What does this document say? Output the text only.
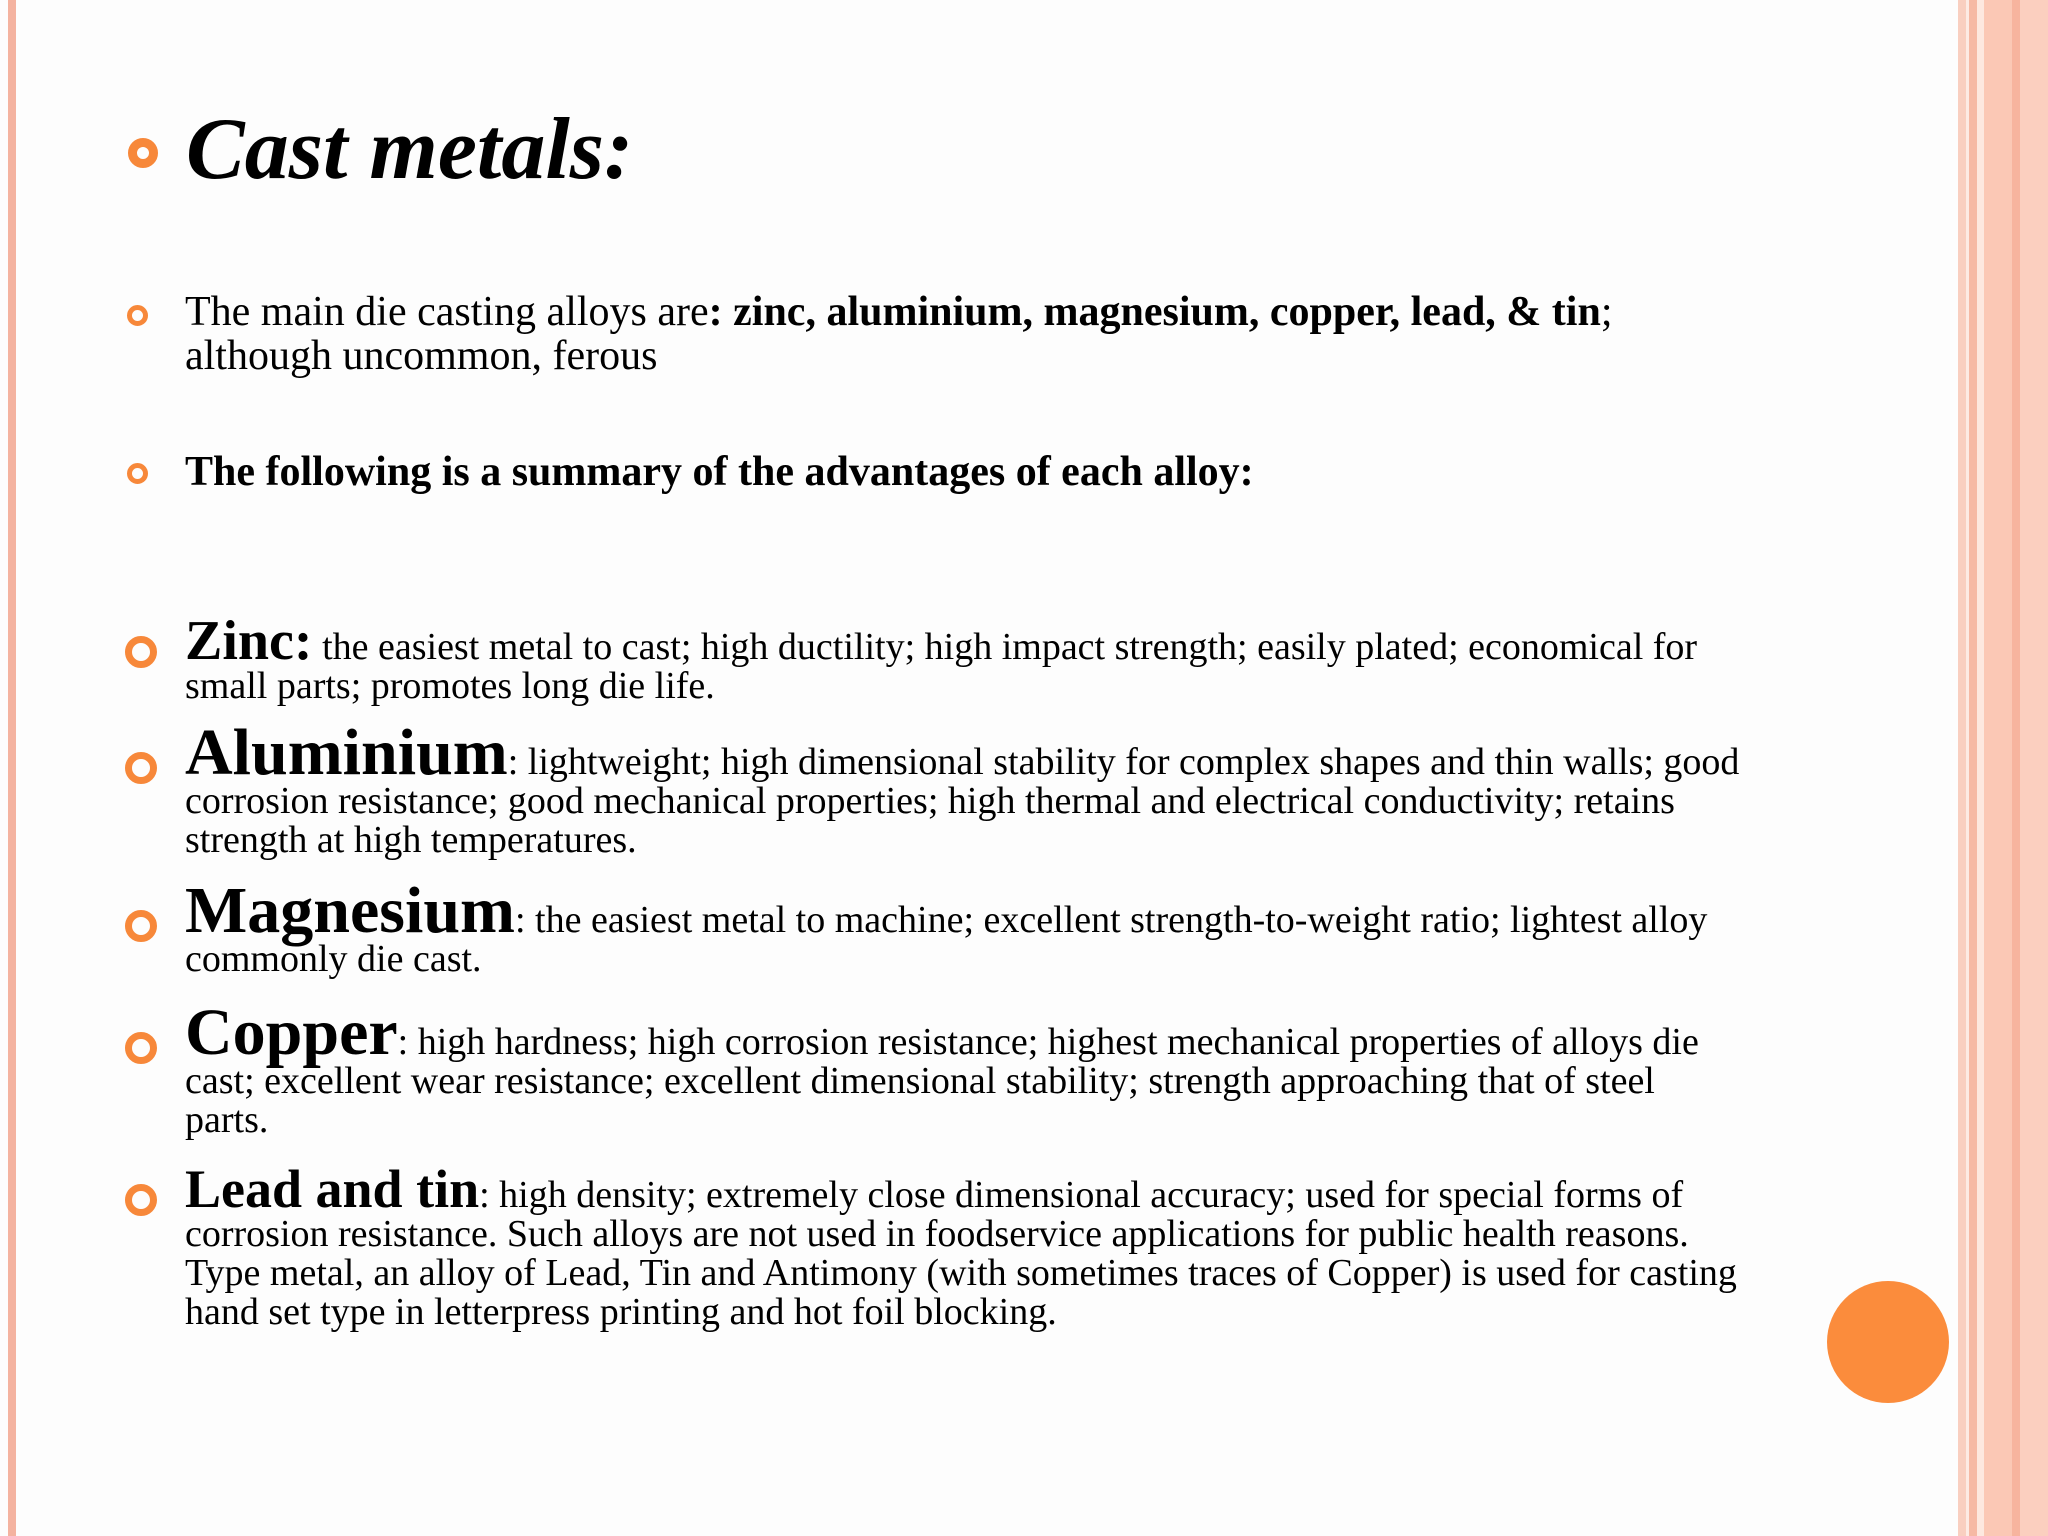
Cast metals:

The main die casting alloys are: zinc, aluminium, magnesium, copper, lead, & tin; although uncommon, ferous

The following is a summary of the advantages of each alloy:

Zinc: the easiest metal to cast; high ductility; high impact strength; easily plated; economical for small parts; promotes long die life.

Aluminium: lightweight; high dimensional stability for complex shapes and thin walls; good corrosion resistance; good mechanical properties; high thermal and electrical conductivity; retains strength at high temperatures.

Magnesium: the easiest metal to machine; excellent strength-to-weight ratio; lightest alloy commonly die cast.

Copper: high hardness; high corrosion resistance; highest mechanical properties of alloys die cast; excellent wear resistance; excellent dimensional stability; strength approaching that of steel parts.

Lead and tin: high density; extremely close dimensional accuracy; used for special forms of corrosion resistance. Such alloys are not used in foodservice applications for public health reasons. Type metal, an alloy of Lead, Tin and Antimony (with sometimes traces of Copper) is used for casting hand set type in letterpress printing and hot foil blocking.
